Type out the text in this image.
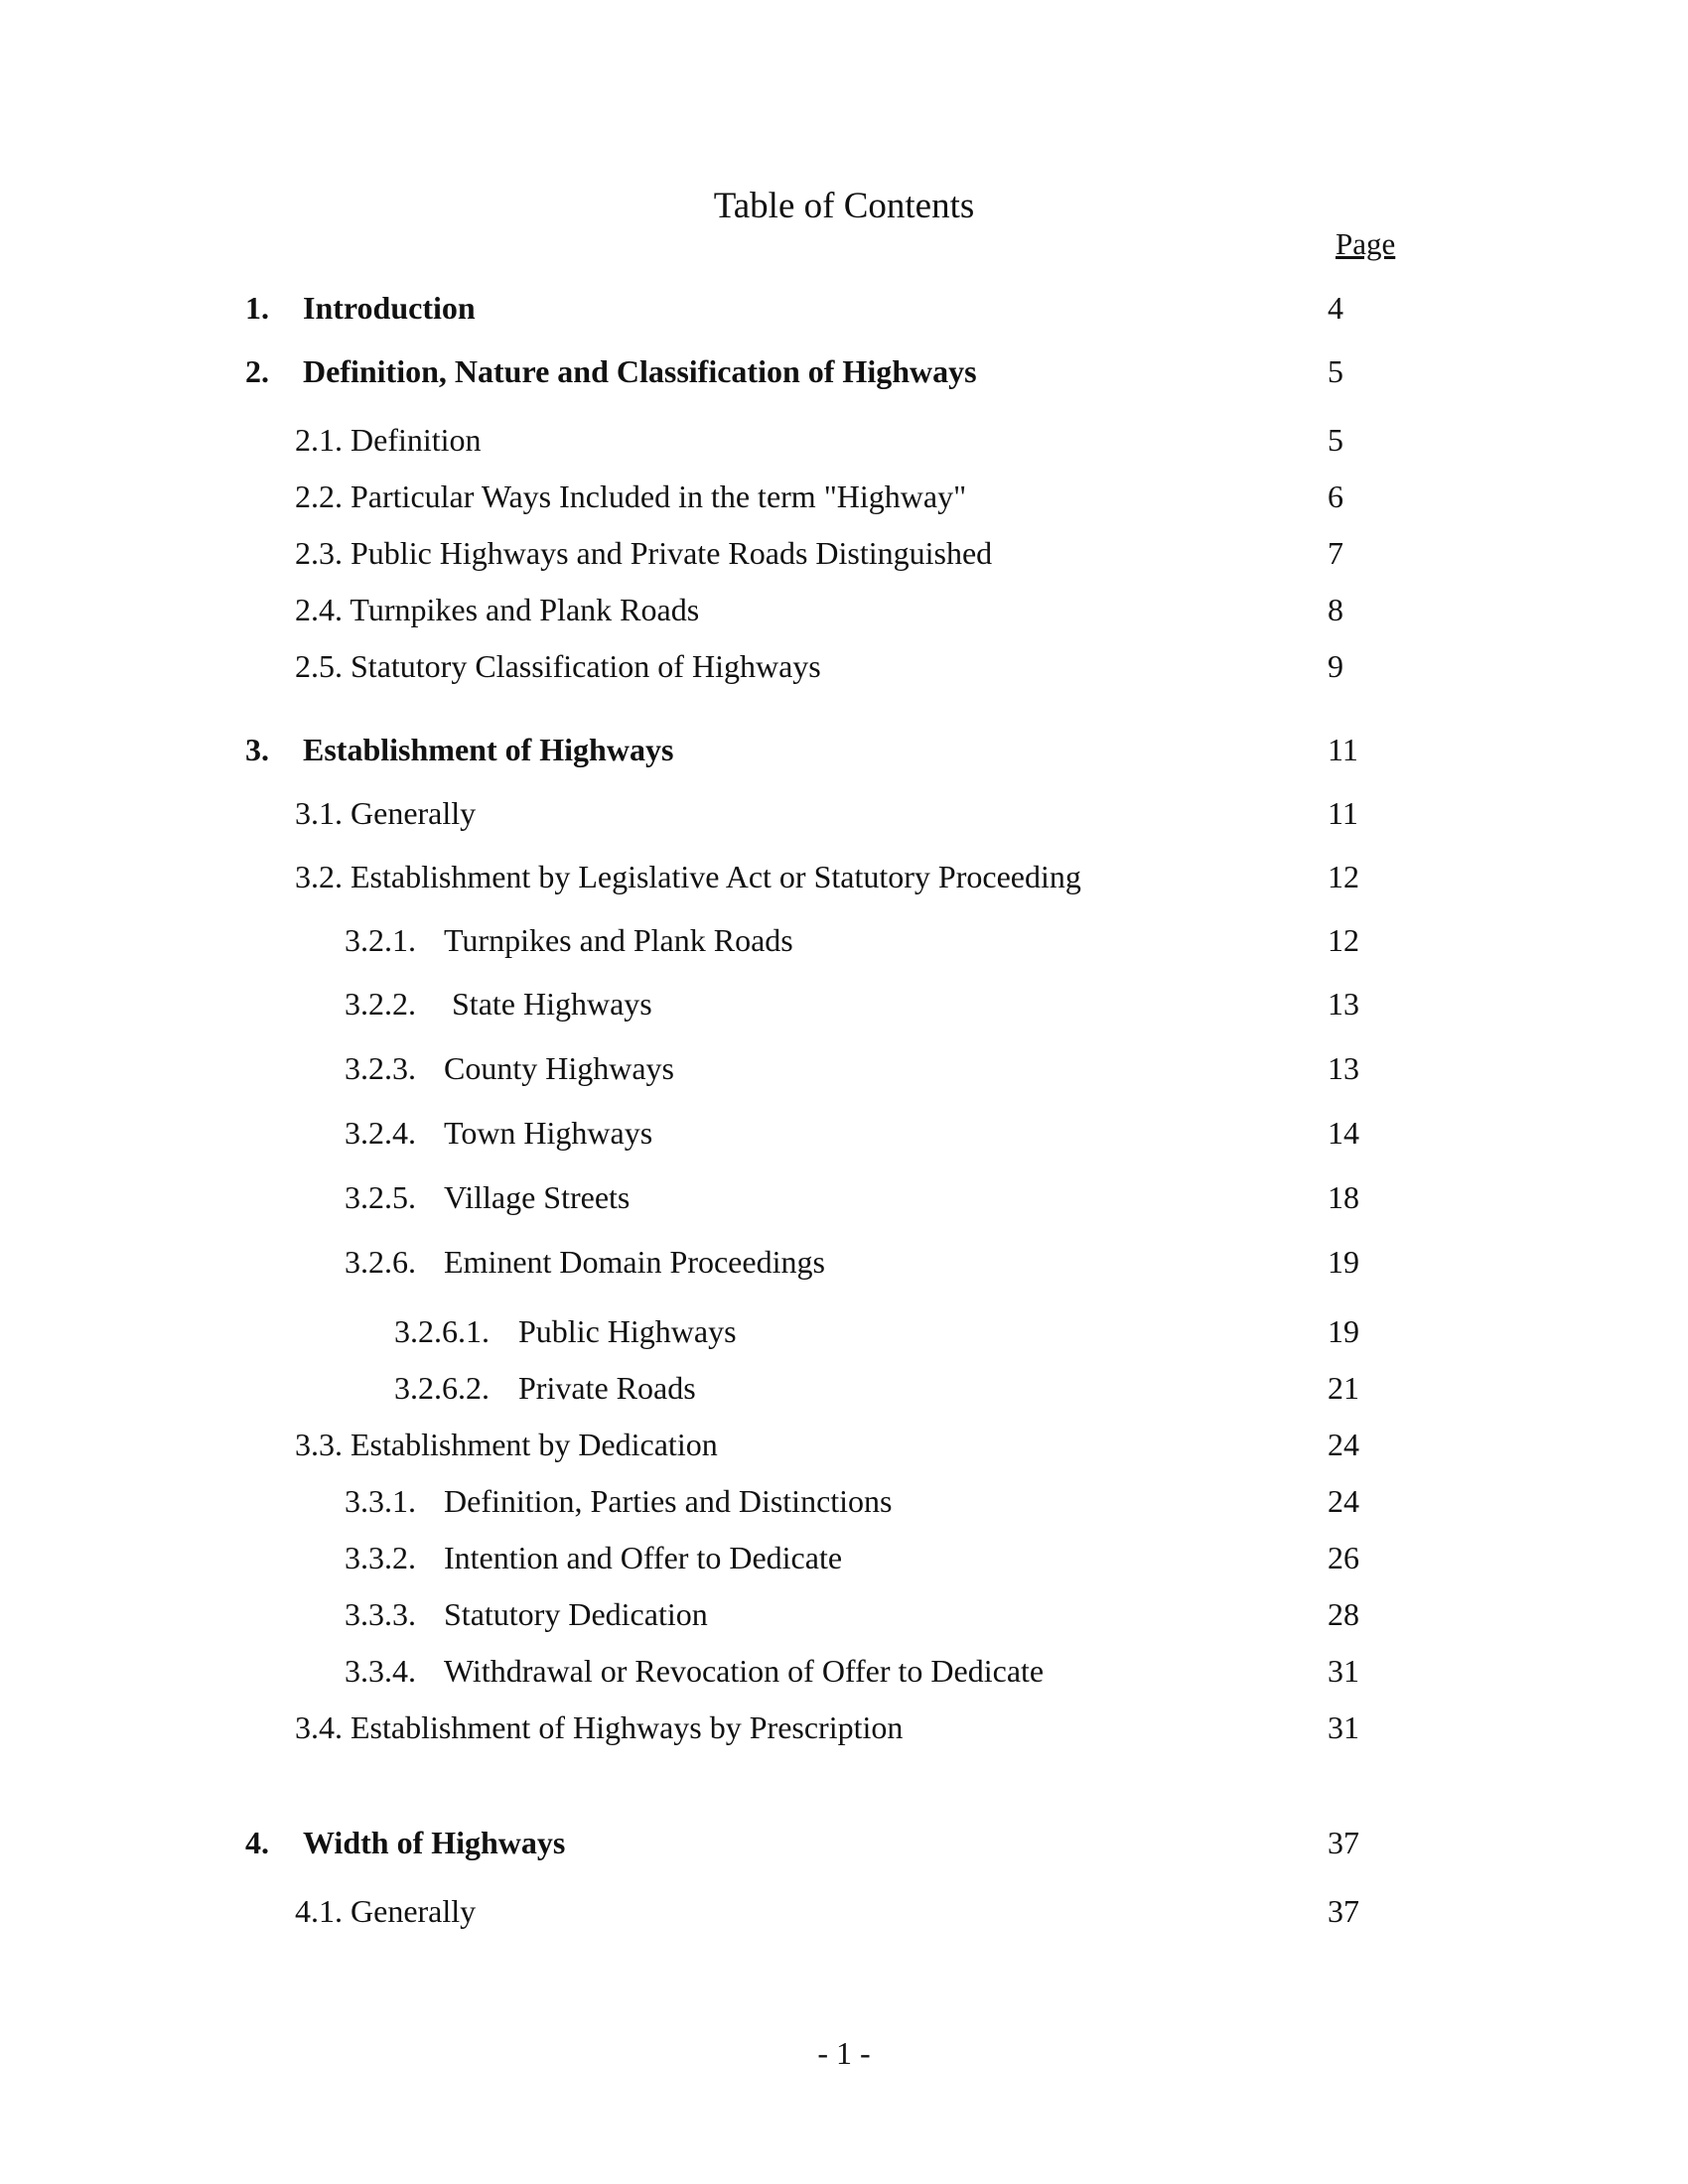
Table of Contents
Page
1. Introduction	4
2. Definition, Nature and Classification of Highways	5
2.1. Definition	5
2.2. Particular Ways Included in the term "Highway"	6
2.3. Public Highways and Private Roads Distinguished	7
2.4. Turnpikes and Plank Roads	8
2.5. Statutory Classification of Highways	9
3. Establishment of Highways	11
3.1. Generally	11
3.2. Establishment by Legislative Act or Statutory Proceeding	12
3.2.1. Turnpikes and Plank Roads	12
3.2.2. State Highways	13
3.2.3. County Highways	13
3.2.4. Town Highways	14
3.2.5. Village Streets	18
3.2.6. Eminent Domain Proceedings	19
3.2.6.1. Public Highways	19
3.2.6.2. Private Roads	21
3.3. Establishment by Dedication	24
3.3.1. Definition, Parties and Distinctions	24
3.3.2. Intention and Offer to Dedicate	26
3.3.3. Statutory Dedication	28
3.3.4. Withdrawal or Revocation of Offer to Dedicate	31
3.4. Establishment of Highways by Prescription	31
4. Width of Highways	37
4.1. Generally	37
- 1 -
